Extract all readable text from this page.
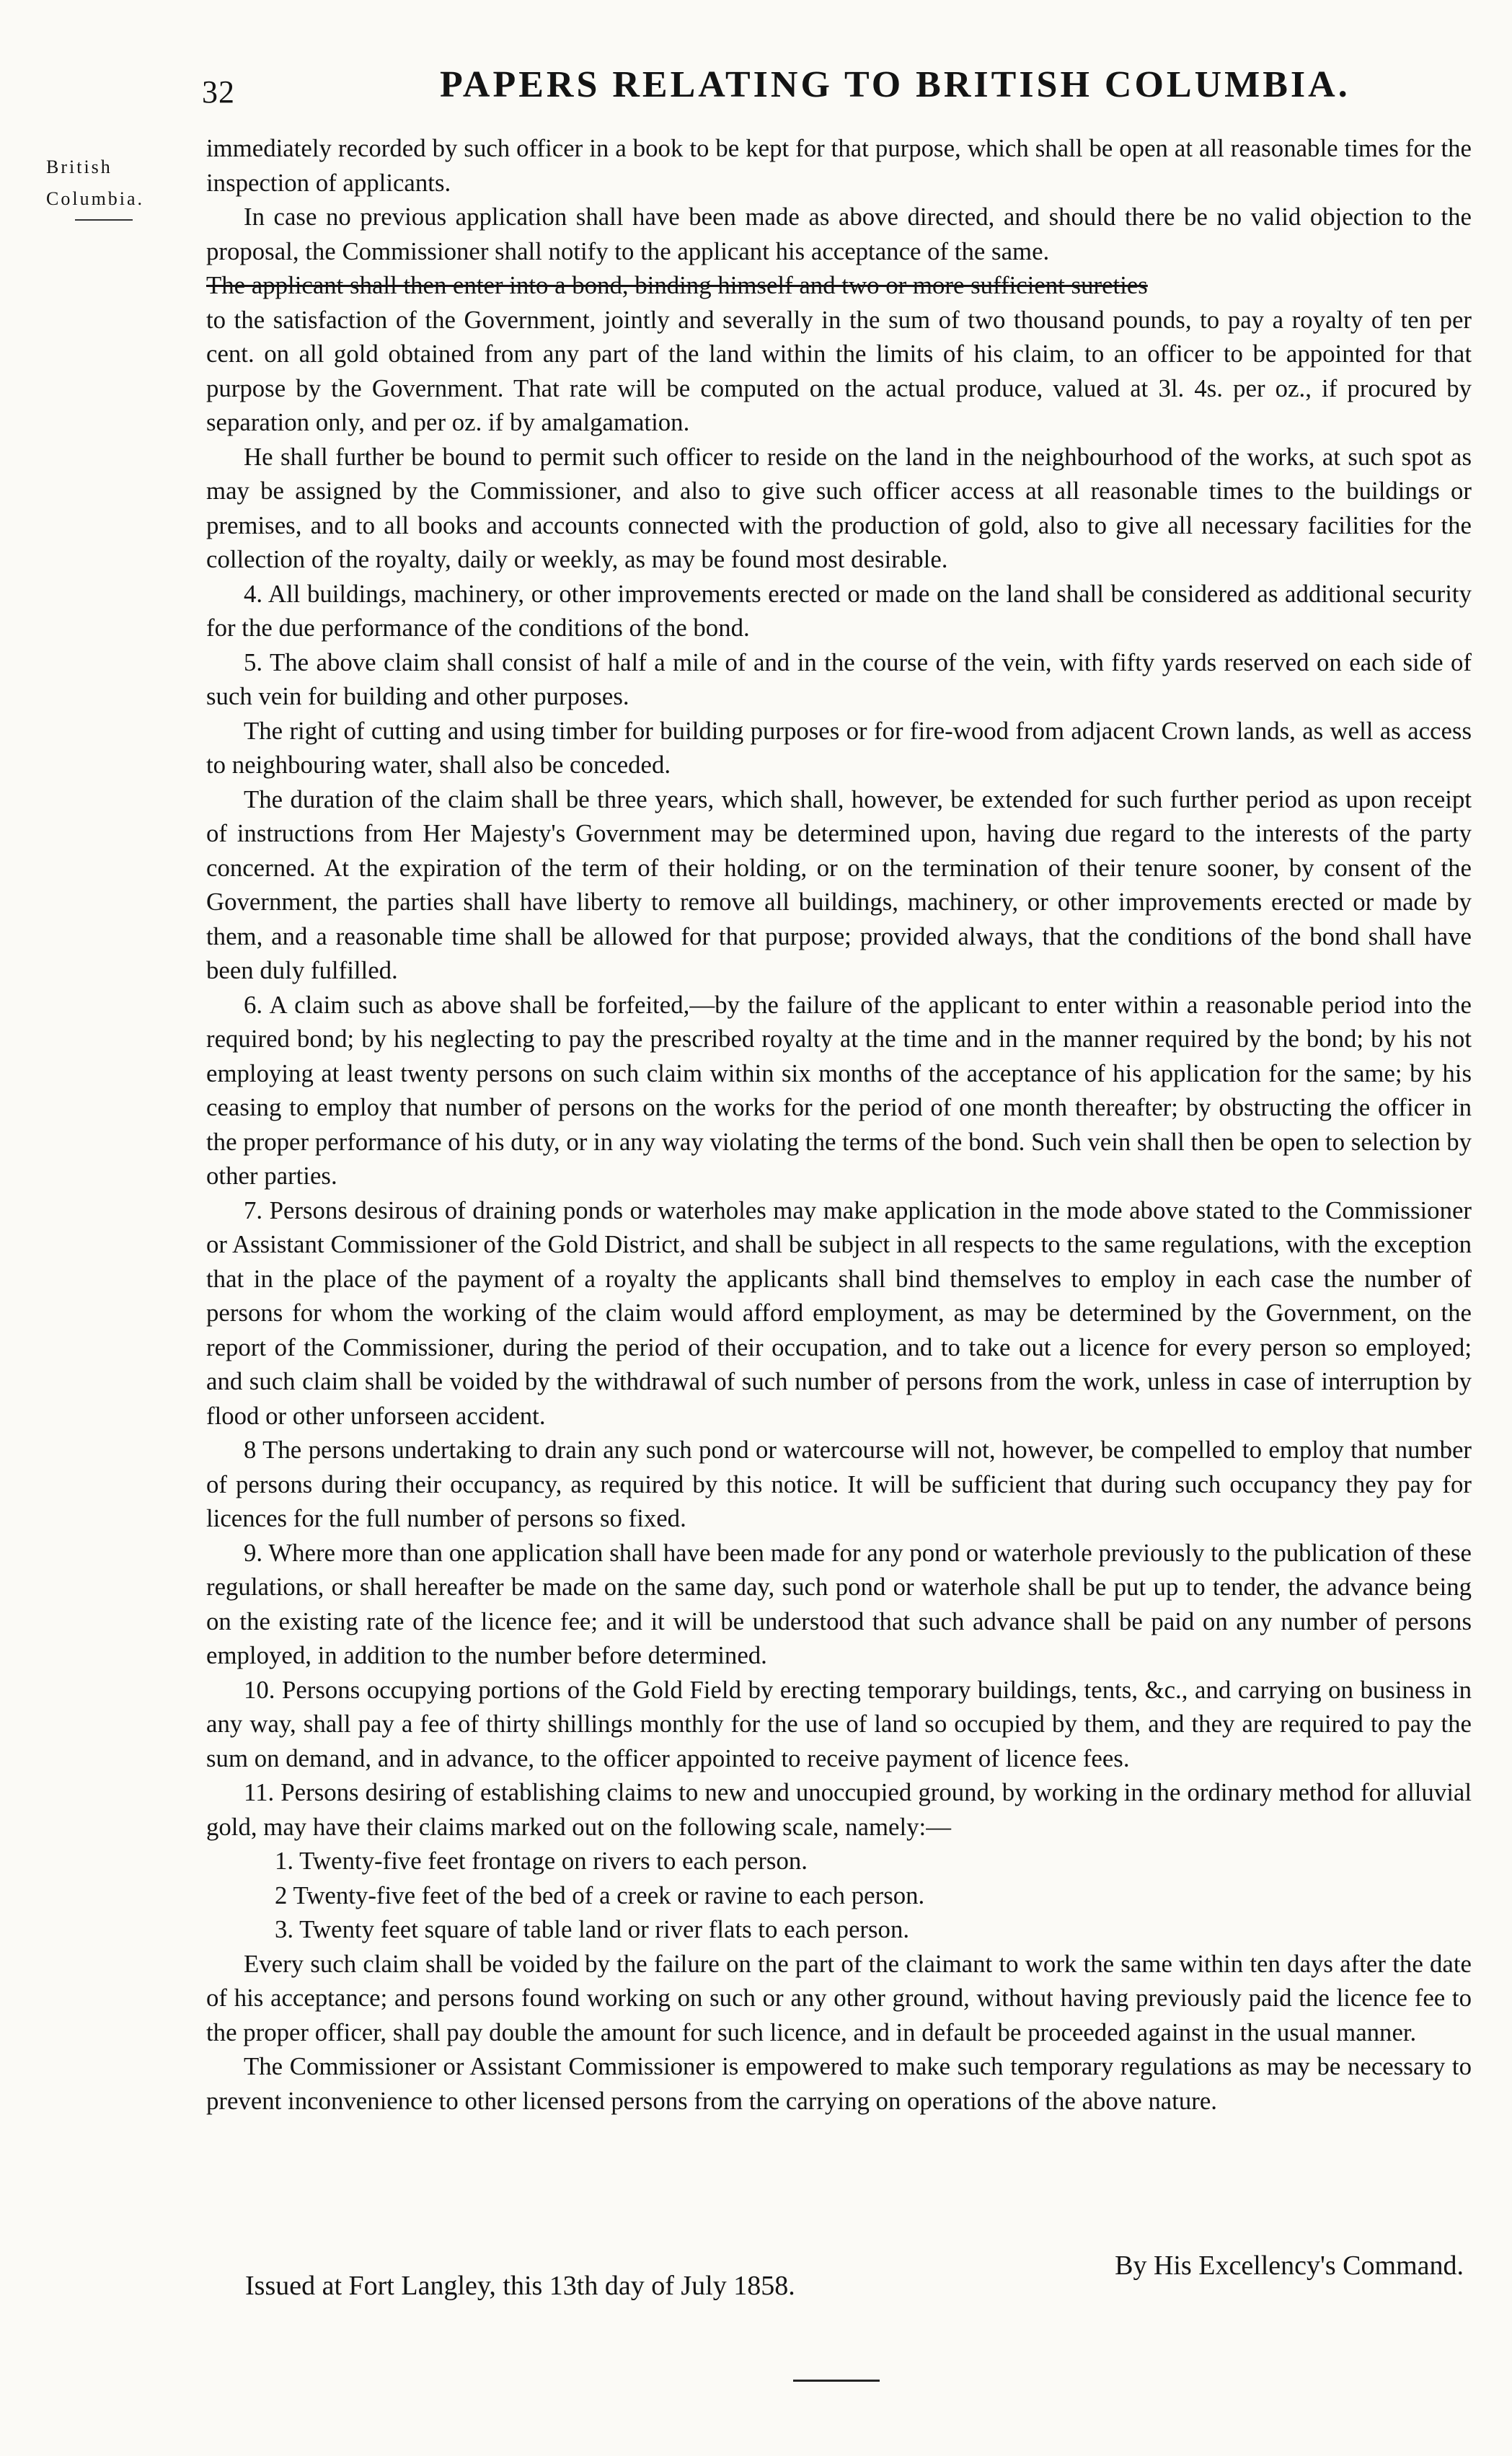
32	PAPERS RELATING TO BRITISH COLUMBIA.
British
Columbia.

immediately recorded by such officer in a book to be kept for that purpose, which shall be open at all reasonable times for the inspection of applicants.

In case no previous application shall have been made as above directed, and should there be no valid objection to the proposal, the Commissioner shall notify to the applicant his acceptance of the same.

The applicant shall then enter into a bond, binding himself and two or more sufficient sureties

to the satisfaction of the Government, jointly and severally in the sum of two thousand pounds, to pay a royalty of ten per cent. on all gold obtained from any part of the land within the limits of his claim, to an officer to be appointed for that purpose by the Government. That rate will be computed on the actual produce, valued at 3l. 4s. per oz., if procured by separation only, and per oz. if by amalgamation.

He shall further be bound to permit such officer to reside on the land in the neighbourhood of the works, at such spot as may be assigned by the Commissioner, and also to give such officer access at all reasonable times to the buildings or premises, and to all books and accounts connected with the production of gold, also to give all necessary facilities for the collection of the royalty, daily or weekly, as may be found most desirable.

4. All buildings, machinery, or other improvements erected or made on the land shall be considered as additional security for the due performance of the conditions of the bond.

5. The above claim shall consist of half a mile of and in the course of the vein, with fifty yards reserved on each side of such vein for building and other purposes.

The right of cutting and using timber for building purposes or for fire-wood from adjacent Crown lands, as well as access to neighbouring water, shall also be conceded.

The duration of the claim shall be three years, which shall, however, be extended for such further period as upon receipt of instructions from Her Majesty's Government may be determined upon, having due regard to the interests of the party concerned. At the expiration of the term of their holding, or on the termination of their tenure sooner, by consent of the Government, the parties shall have liberty to remove all buildings, machinery, or other improvements erected or made by them, and a reasonable time shall be allowed for that purpose; provided always, that the conditions of the bond shall have been duly fulfilled.

6. A claim such as above shall be forfeited,—by the failure of the applicant to enter within a reasonable period into the required bond; by his neglecting to pay the prescribed royalty at the time and in the manner required by the bond; by his not employing at least twenty persons on such claim within six months of the acceptance of his application for the same; by his ceasing to employ that number of persons on the works for the period of one month thereafter; by obstructing the officer in the proper performance of his duty, or in any way violating the terms of the bond. Such vein shall then be open to selection by other parties.

7. Persons desirous of draining ponds or waterholes may make application in the mode above stated to the Commissioner or Assistant Commissioner of the Gold District, and shall be subject in all respects to the same regulations, with the exception that in the place of the payment of a royalty the applicants shall bind themselves to employ in each case the number of persons for whom the working of the claim would afford employment, as may be determined by the Government, on the report of the Commissioner, during the period of their occupation, and to take out a licence for every person so employed; and such claim shall be voided by the withdrawal of such number of persons from the work, unless in case of interruption by flood or other unforseen accident.

8 The persons undertaking to drain any such pond or watercourse will not, however, be compelled to employ that number of persons during their occupancy, as required by this notice. It will be sufficient that during such occupancy they pay for licences for the full number of persons so fixed.

9. Where more than one application shall have been made for any pond or waterhole previously to the publication of these regulations, or shall hereafter be made on the same day, such pond or waterhole shall be put up to tender, the advance being on the existing rate of the licence fee; and it will be understood that such advance shall be paid on any number of persons employed, in addition to the number before determined.

10. Persons occupying portions of the Gold Field by erecting temporary buildings, tents, &c., and carrying on business in any way, shall pay a fee of thirty shillings monthly for the use of land so occupied by them, and they are required to pay the sum on demand, and in advance, to the officer appointed to receive payment of licence fees.

11. Persons desiring of establishing claims to new and unoccupied ground, by working in the ordinary method for alluvial gold, may have their claims marked out on the following scale, namely:—

1. Twenty-five feet frontage on rivers to each person.

2 Twenty-five feet of the bed of a creek or ravine to each person.

3. Twenty feet square of table land or river flats to each person.

Every such claim shall be voided by the failure on the part of the claimant to work the same within ten days after the date of his acceptance; and persons found working on such or any other ground, without having previously paid the licence fee to the proper officer, shall pay double the amount for such licence, and in default be proceeded against in the usual manner.

The Commissioner or Assistant Commissioner is empowered to make such temporary regulations as may be necessary to prevent inconvenience to other licensed persons from the carrying on operations of the above nature.

By His Excellency's Command.
Issued at Fort Langley, this 13th day of July 1858.
